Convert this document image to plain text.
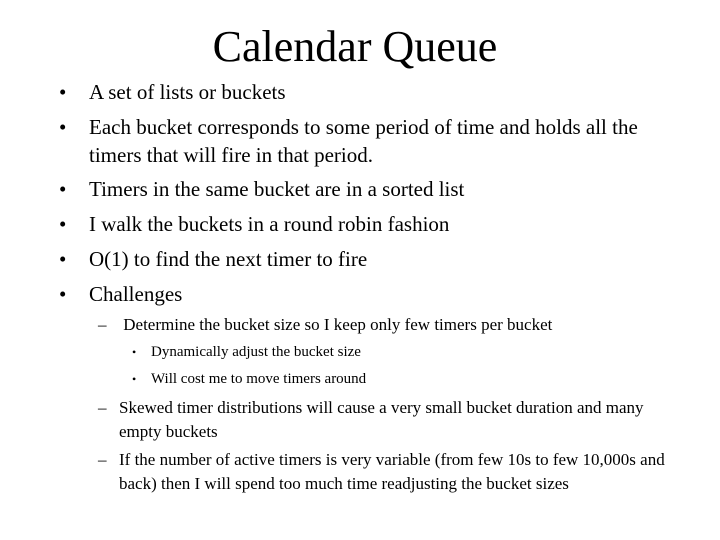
Calendar Queue
•	A set of lists or buckets
•	Each bucket corresponds to some period of time and holds all the timers that will fire in that period.
•	Timers in the same bucket are in a sorted list
•	I walk the buckets in a round robin fashion
•	O(1) to find the next timer to fire
•	Challenges
– Determine the bucket size so I keep only few timers per bucket
• Dynamically adjust the bucket size
• Will cost me to move timers around
– Skewed timer distributions will cause a very small bucket duration and many empty buckets
– If the number of active timers is very variable (from few 10s to few 10,000s and back) then I will spend too much time readjusting the bucket sizes
